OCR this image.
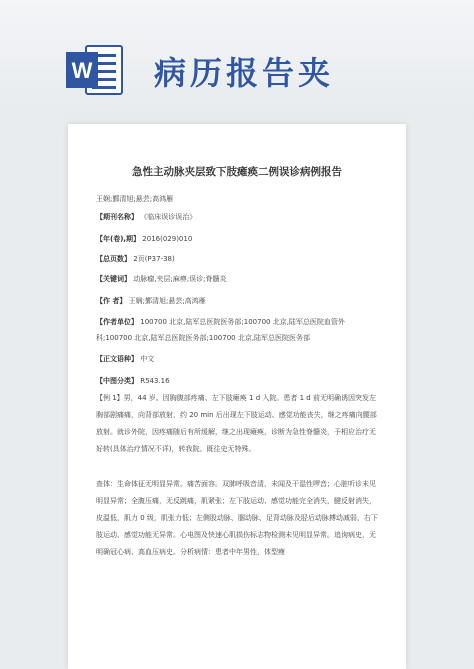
W 病历报告夹
急性主动脉夹层致下肢瘫痪二例误诊病例报告
王娴;鄞清旭;悬芸;高鸿雁
【期刊名称】 《临床误诊误治》
【年(卷),期】 2016(029)010
【总页数】 2页(P37-38)
【关键词】 动脉瘤,夹层;麻痹;误诊;脊髓炎
【作 者】 王娴;鄞清旭;悬芸;高鸿雁
【作者单位】 100700 北京,陆军总医院医务部;100700 北京,陆军总医院血管外
科;100700 北京,陆军总医院医务部;100700 北京,陆军总医院医务部
【正文语种】 中文
【中图分类】 R543.16
【例 1】男，44 岁。因胸腹部疼痛、左下肢瘫痪 1 d 入院。患者 1 d 前无明确诱因突发左胸部剧痛痛，向背部放射，约 20 min 后出现左下肢运动、感觉功能丧失，继之疼痛向腰部放射。就诊外院，因疼痛随后有所缓解，继之出现瘫痪，诊断为急性脊髓炎，予相应治疗无好转(具体治疗情况不详)，转我院。既往史无特殊。
查体：生命体征无明显异常。痛苦面容。双肺呼吸音清，未闻及干湿性啰音；心脏听诊未见明显异常；全腹压痛，无反跳痛，肌紧张；左下肢运动、感觉功能完全消失，腱反射消失，皮温低，肌力 0 级，肌张力低；左侧股动脉、腘动脉、足背动脉及胫后动脉搏动减弱，右下肢运动、感觉功能无异常。心电图及快速心肌损伤标志物检测未见明显异常。追询病史，无明确冠心病、高血压病史。分析病情：患者中年男性，体型瘦
